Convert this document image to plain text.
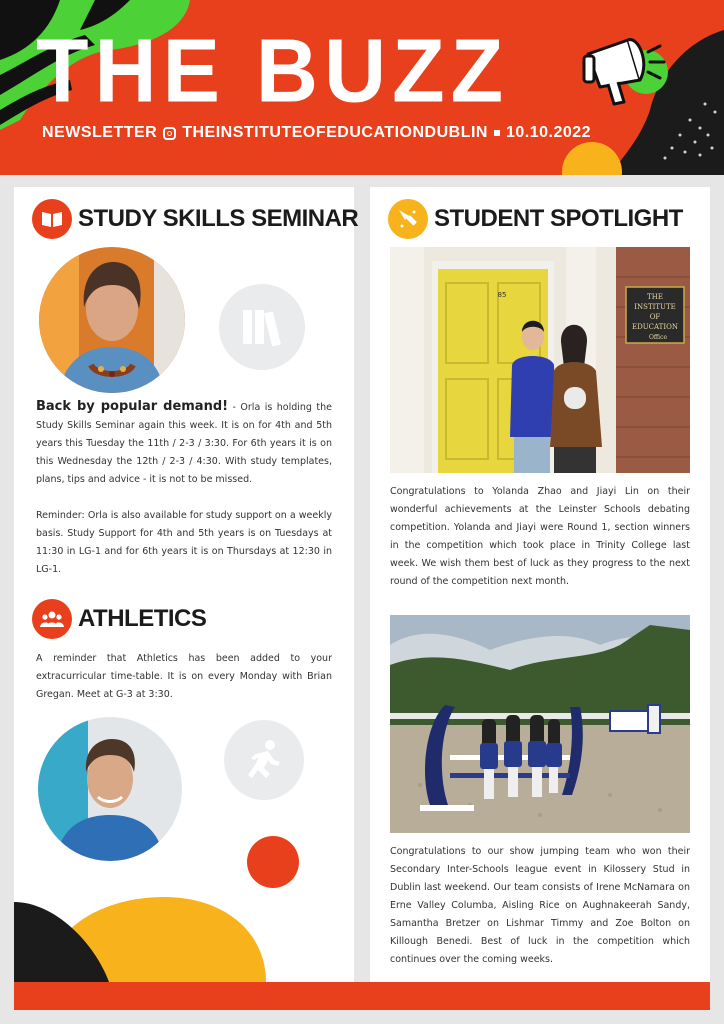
THE BUZZ
NEWSLETTER THEINSTITUTEOFEDUCATIONDUBLIN 10.10.2022
STUDY SKILLS SEMINAR
Back by popular demand! - Orla is holding the Study Skills Seminar again this week. It is on for 4th and 5th years this Tuesday the 11th / 2-3 / 3:30. For 6th years it is on this Wednesday the 12th / 2-3 / 4:30. With study templates, plans, tips and advice - it is not to be missed.
Reminder: Orla is also available for study support on a weekly basis. Study Support for 4th and 5th years is on Tuesdays at 11:30 in LG-1 and for 6th years it is on Thursdays at 12:30 in LG-1.
ATHLETICS
A reminder that Athletics has been added to your extracurricular time-table. It is on every Monday with Brian Gregan. Meet at G-3 at 3:30.
STUDENT SPOTLIGHT
THE
INSTITUTE
OF
EDUCATION
Office
85
Congratulations to Yolanda Zhao and Jiayi Lin on their wonderful achievements at the Leinster Schools debating competition. Yolanda and Jiayi were Round 1, section winners in the competition which took place in Trinity College last week. We wish them best of luck as they progress to the next round of the competition next month.
Congratulations to our show jumping team who won their Secondary Inter-Schools league event in Kilossery Stud in Dublin last weekend. Our team consists of Irene McNamara on Erne Valley Columba, Aisling Rice on Aughnakeerah Sandy, Samantha Bretzer on Lishmar Timmy and Zoe Bolton on Killough Benedi. Best of luck in the competition which continues over the coming weeks.
